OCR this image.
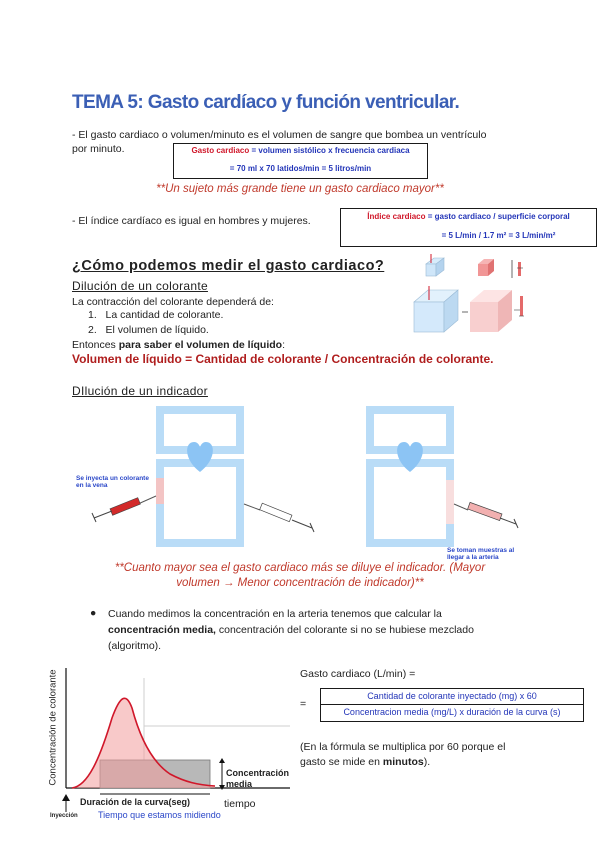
TEMA 5: Gasto cardíaco y función ventricular.
- El gasto cardiaco o volumen/minuto es el volumen de sangre que bombea un ventrículo
por minuto.	Gasto cardiaco = volumen sistólico x frecuencia cardiaca
= 70 ml x 70 latidos/min = 5 litros/min
**Un sujeto más grande tiene un gasto cardiaco mayor**
- El índice cardíaco es igual en hombres y mujeres.	Índice cardiaco = gasto cardiaco / superficie corporal
= 5 L/min / 1.7 m² = 3 L/min/m²
¿Cómo podemos medir el gasto cardiaco?
Dilución de un colorante
La contracción del colorante dependerá de:
1.   La cantidad de colorante.
2.   El volumen de líquido.
Entonces para saber el volumen de líquido:
Volumen de líquido = Cantidad de colorante / Concentración de colorante.
DIlución de un indicador
Se inyecta un colorante en la vena
Se toman muestras al llegar a la arteria
**Cuanto mayor sea el gasto cardiaco más se diluye el indicador. (Mayor
volumen → Menor concentración de indicador)**
● Cuando medimos la concentración en la arteria tenemos que calcular la
concentración media, concentración del colorante si no se hubiese mezclado
(algoritmo).
Concentración de colorante	Concentración
media
Duración de la curva(seg)	tiempo
Inyección Tiempo que estamos midiendo
Gasto cardiaco (L/min) =
=
Cantidad de colorante inyectado (mg) x 60
Concentracion media (mg/L) x duración de la curva (s)
(En la fórmula se multiplica por 60 porque el gasto se mide en minutos).
